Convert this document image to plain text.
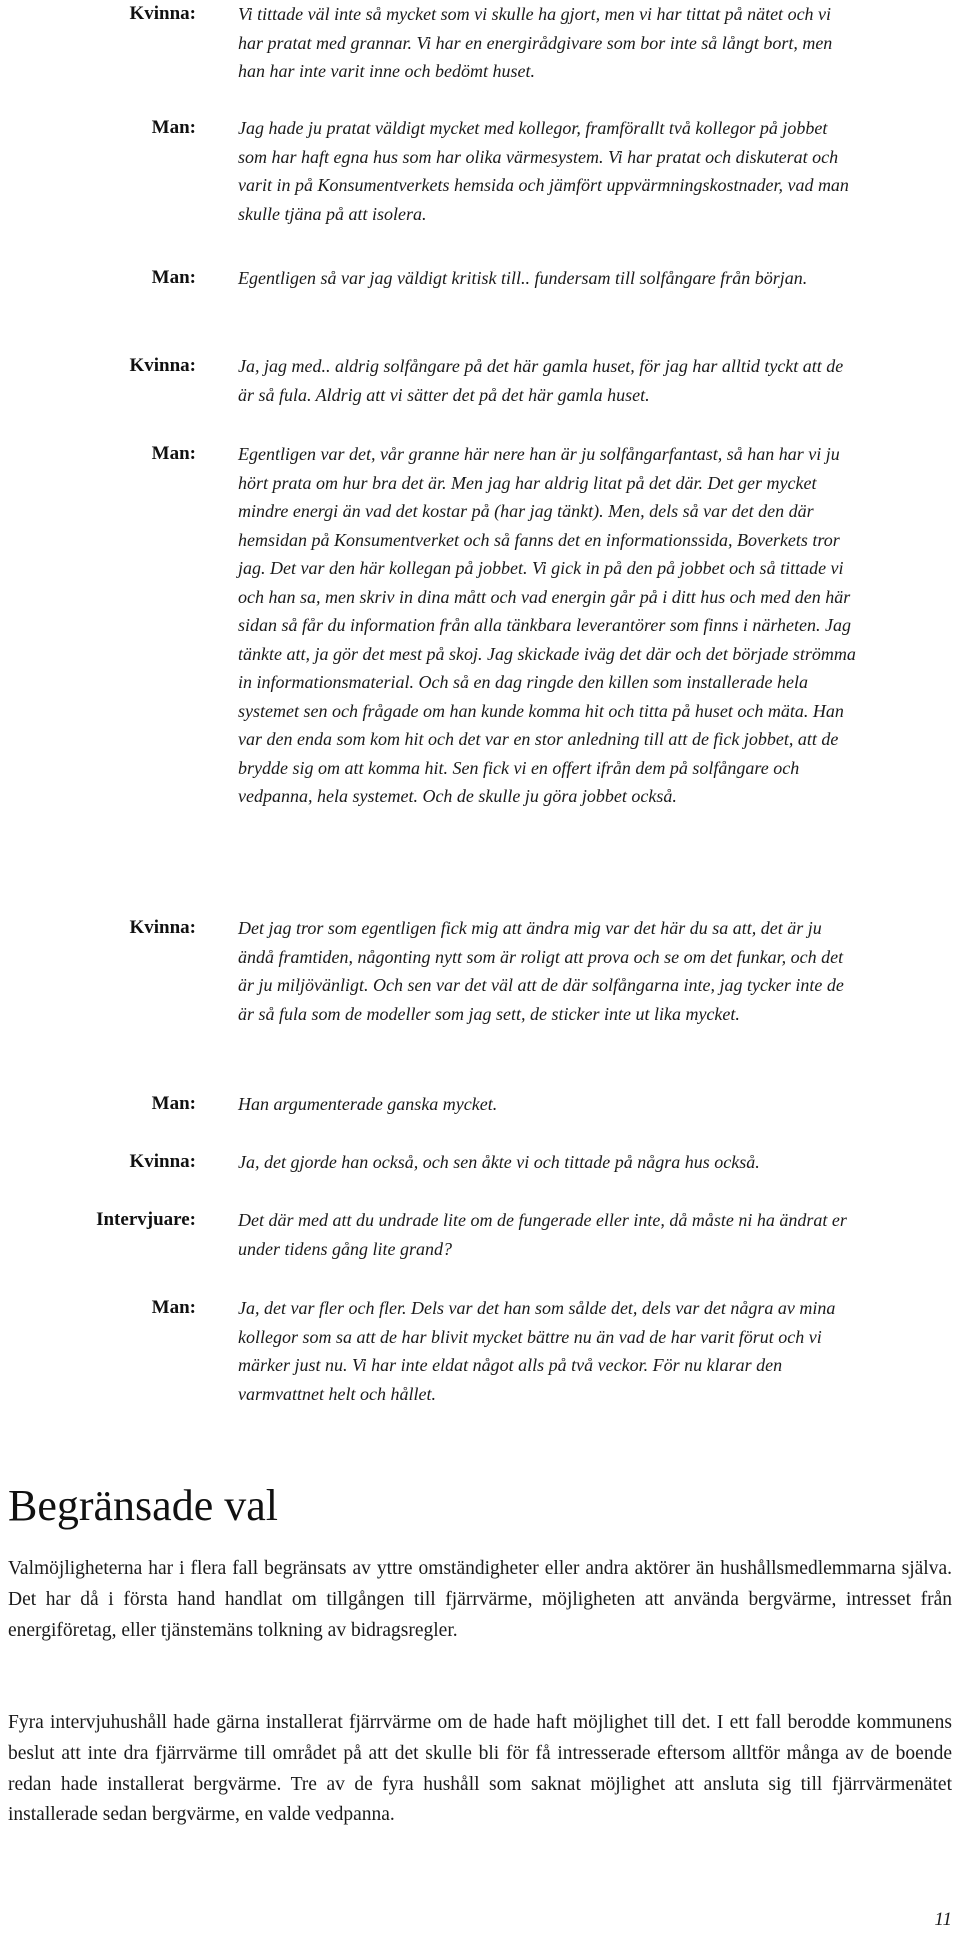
Kvinna: Vi tittade väl inte så mycket som vi skulle ha gjort, men vi har tittat på nätet och vi har pratat med grannar. Vi har en energirådgivare som bor inte så långt bort, men han har inte varit inne och bedömt huset.
Man: Jag hade ju pratat väldigt mycket med kollegor, framförallt två kollegor på jobbet som har haft egna hus som har olika värmesystem. Vi har pratat och diskuterat och varit in på Konsumentverkets hemsida och jämfört uppvärmningskostnader, vad man skulle tjäna på att isolera.
Man: Egentligen så var jag väldigt kritisk till.. fundersam till solfångare från början.
Kvinna: Ja, jag med.. aldrig solfångare på det här gamla huset, för jag har alltid tyckt att de är så fula. Aldrig att vi sätter det på det här gamla huset.
Man: Egentligen var det, vår granne här nere han är ju solfångarfantast, så han har vi ju hört prata om hur bra det är. Men jag har aldrig litat på det där. Det ger mycket mindre energi än vad det kostar på (har jag tänkt). Men, dels så var det den där hemsidan på Konsumentverket och så fanns det en informationssida, Boverkets tror jag. Det var den här kollegan på jobbet. Vi gick in på den på jobbet och så tittade vi och han sa, men skriv in dina mått och vad energin går på i ditt hus och med den här sidan så får du information från alla tänkbara leverantörer som finns i närheten. Jag tänkte att, ja gör det mest på skoj. Jag skickade iväg det där och det började strömma in informationsmaterial. Och så en dag ringde den killen som installerade hela systemet sen och frågade om han kunde komma hit och titta på huset och mäta. Han var den enda som kom hit och det var en stor anledning till att de fick jobbet, att de brydde sig om att komma hit. Sen fick vi en offert ifrån dem på solfångare och vedpanna, hela systemet. Och de skulle ju göra jobbet också.
Kvinna: Det jag tror som egentligen fick mig att ändra mig var det här du sa att, det är ju ändå framtiden, någonting nytt som är roligt att prova och se om det funkar, och det är ju miljövänligt. Och sen var det väl att de där solfångarna inte, jag tycker inte de är så fula som de modeller som jag sett, de sticker inte ut lika mycket.
Man: Han argumenterade ganska mycket.
Kvinna: Ja, det gjorde han också, och sen åkte vi och tittade på några hus också.
Intervjuare: Det där med att du undrade lite om de fungerade eller inte, då måste ni ha ändrat er under tidens gång lite grand?
Man: Ja, det var fler och fler. Dels var det han som sålde det, dels var det några av mina kollegor som sa att de har blivit mycket bättre nu än vad de har varit förut och vi märker just nu. Vi har inte eldat något alls på två veckor. För nu klarar den varmvattnet helt och hållet.
Begränsade val

Valmöjligheterna har i flera fall begränsats av yttre omständigheter eller andra aktörer än hushållsmedlemmarna själva. Det har då i första hand handlat om tillgången till fjärrvärme, möjligheten att använda bergvärme, intresset från energiföretag, eller tjänstemäns tolkning av bidragsregler.

Fyra intervjuhushåll hade gärna installerat fjärrvärme om de hade haft möjlighet till det. I ett fall berodde kommunens beslut att inte dra fjärrvärme till området på att det skulle bli för få intresserade eftersom alltför många av de boende redan hade installerat bergvärme. Tre av de fyra hushåll som saknat möjlighet att ansluta sig till fjärrvärmenätet installerade sedan bergvärme, en valde vedpanna.

11
